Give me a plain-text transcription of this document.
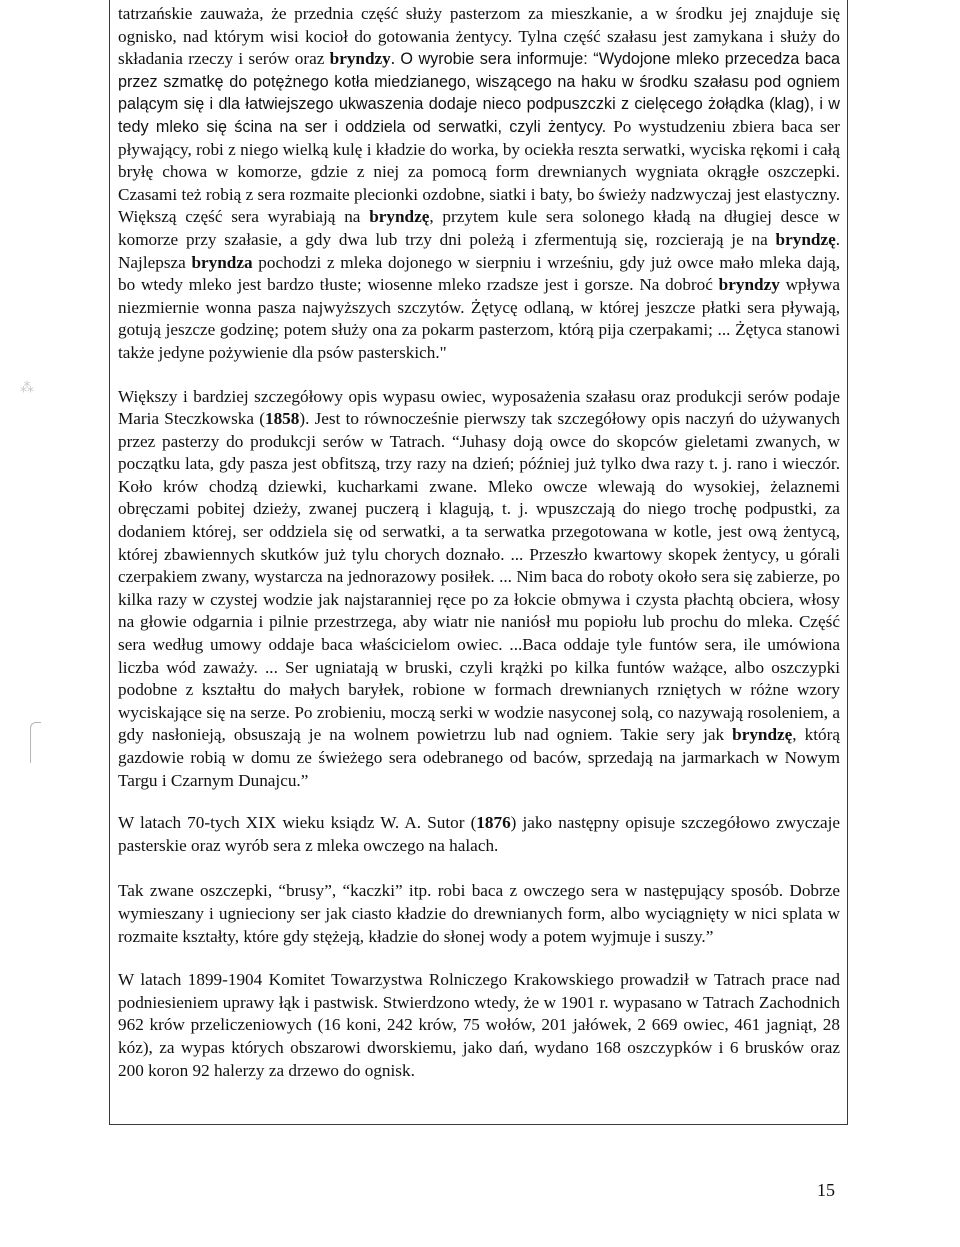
tatrzańskie zauważa, że przednia część służy pasterzom za mieszkanie, a w środku jej znajduje się ognisko, nad którym wisi kocioł do gotowania żentycy. Tylna część szałasu jest zamykana i służy do składania rzeczy i serów oraz bryndzy. O wyrobie sera informuje: “Wydojone mleko przecedza baca przez szmatkę do potężnego kotła miedzianego, wiszącego na haku w środku szałasu pod ogniem palącym się i dla łatwiejszego ukwaszenia dodaje nieco podpuszczki z cielęcego żołądka (klag), i w tedy mleko się ścina na ser i oddziela od serwatki, czyli żentycy. Po wystudzeniu zbiera baca ser pływający, robi z niego wielką kulę i kładzie do worka, by ociekła reszta serwatki, wyciska rękomi i całą bryłę chowa w komorze, gdzie z niej za pomocą form drewnianych wygniata okrągłe oszczepki. Czasami też robią z sera rozmaite plecionki ozdobne, siatki i baty, bo świeży nadzwyczaj jest elastyczny. Większą część sera wyrabiają na bryndzę, przytem kule sera solonego kładą na długiej desce w komorze przy szałasie, a gdy dwa lub trzy dni poleżą i zfermentują się, rozcierają je na bryndzę. Najlepsza bryndza pochodzi z mleka dojonego w sierpniu i wrześniu, gdy już owce mało mleka dają, bo wtedy mleko jest bardzo tłuste; wiosenne mleko rzadsze jest i gorsze. Na dobroć bryndzy wpływa niezmiernie wonna pasza najwyższych szczytów. Żętycę odlaną, w której jeszcze płatki sera pływają, gotują jeszcze godzinę; potem służy ona za pokarm pasterzom, którą pija czerpakami; ... Żętyca stanowi także jedyne pożywienie dla psów pasterskich."

Większy i bardziej szczegółowy opis wypasu owiec, wyposażenia szałasu oraz produkcji serów podaje Maria Steczkowska (1858). Jest to równocześnie pierwszy tak szczegółowy opis naczyń do używanych przez pasterzy do produkcji serów w Tatrach. “Juhasy doją owce do skopców gieletami zwanych, w początku lata, gdy pasza jest obfitszą, trzy razy na dzień; później już tylko dwa razy t. j. rano i wieczór. Koło krów chodzą dziewki, kucharkami zwane. Mleko owcze wlewają do wysokiej, żelaznemi obręczami pobitej dzieży, zwanej puczerą i klagują, t. j. wpuszczają do niego trochę podpustki, za dodaniem której, ser oddziela się od serwatki, a ta serwatka przegotowana w kotle, jest ową żentycą, której zbawiennych skutków już tylu chorych doznało. ... Przeszło kwartowy skopek żentycy, u górali czerpakiem zwany, wystarcza na jednorazowy posiłek. ... Nim baca do roboty około sera się zabierze, po kilka razy w czystej wodzie jak najstaranniej ręce po za łokcie obmywa i czysta płachtą obciera, włosy na głowie odgarnia i pilnie przestrzega, aby wiatr nie naniósł mu popiołu lub prochu do mleka. Część sera według umowy oddaje baca właścicielom owiec. ...Baca oddaje tyle funtów sera, ile umówiona liczba wód zaważy. ... Ser ugniatają w bruski, czyli krążki po kilka funtów ważące, albo oszczypki podobne z kształtu do małych baryłek, robione w formach drewnianych rzniętych w różne wzory wyciskające się na serze. Po zrobieniu, moczą serki w wodzie nasyconej solą, co nazywają rosoleniem, a gdy nasłonieją, obsuszają je na wolnem powietrzu lub nad ogniem. Takie sery jak bryndzę, którą gazdowie robią w domu ze świeżego sera odebranego od baców, sprzedają na jarmarkach w Nowym Targu i Czarnym Dunajcu.”

W latach 70-tych XIX wieku ksiądz W. A. Sutor (1876) jako następny opisuje szczegółowo zwyczaje pasterskie oraz wyrób sera z mleka owczego na halach.

Tak zwane oszczepki, “brusy”, “kaczki” itp. robi baca z owczego sera w następujący sposób. Dobrze wymieszany i ugnieciony ser jak ciasto kładzie do drewnianych form, albo wyciągnięty w nici splata w rozmaite kształty, które gdy stężeją, kładzie do słonej wody a potem wyjmuje i suszy.”

W latach 1899-1904 Komitet Towarzystwa Rolniczego Krakowskiego prowadził w Tatrach prace nad podniesieniem uprawy łąk i pastwisk. Stwierdzono wtedy, że w 1901 r. wypasano w Tatrach Zachodnich 962 krów przeliczeniowych (16 koni, 242 krów, 75 wołów, 201 jałówek, 2 669 owiec, 461 jagniąt, 28 kóz), za wypas których obszarowi dworskiemu, jako dań, wydano 168 oszczypków i 6 brusków oraz 200 koron 92 halerzy za drzewo do ognisk.

⁂
15
